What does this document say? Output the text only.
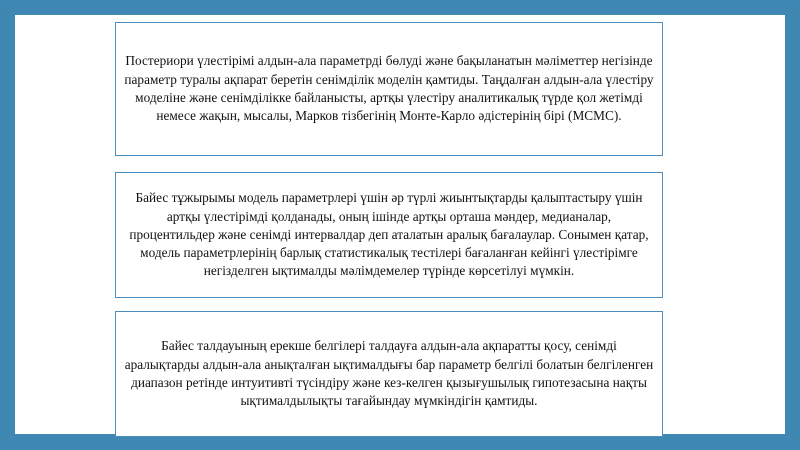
Постериори үлестірімі алдын-ала параметрді бөлуді және бақыланатын мәліметтер негізінде параметр туралы ақпарат беретін сенімділік моделін қамтиды. Таңдалған алдын-ала үлестіру моделіне және сенімділікке байланысты, артқы үлестіру аналитикалық түрде қол жетімді немесе жақын, мысалы, Марков тізбегінің Монте-Карло әдістерінің бірі (MCMC).

Байес тұжырымы модель параметрлері үшін әр түрлі жиынтықтарды қалыптастыру үшін артқы үлестірімді қолданады, оның ішінде артқы орташа мәндер, медианалар, процентильдер және сенімді интервалдар деп аталатын аралық бағалаулар. Сонымен қатар, модель параметрлерінің барлық статистикалық тестілері бағаланған кейінгі үлестірімге негізделген ықтималды мәлімдемелер түрінде көрсетілуі мүмкін.

Байес талдауының ерекше белгілері талдауға алдын-ала ақпаратты қосу, сенімді аралықтарды алдын-ала анықталған ықтималдығы бар параметр белгілі болатын белгіленген диапазон ретінде интуитивті түсіндіру және кез-келген қызығушылық гипотезасына нақты ықтималдылықты тағайындау мүмкіндігін қамтиды.
